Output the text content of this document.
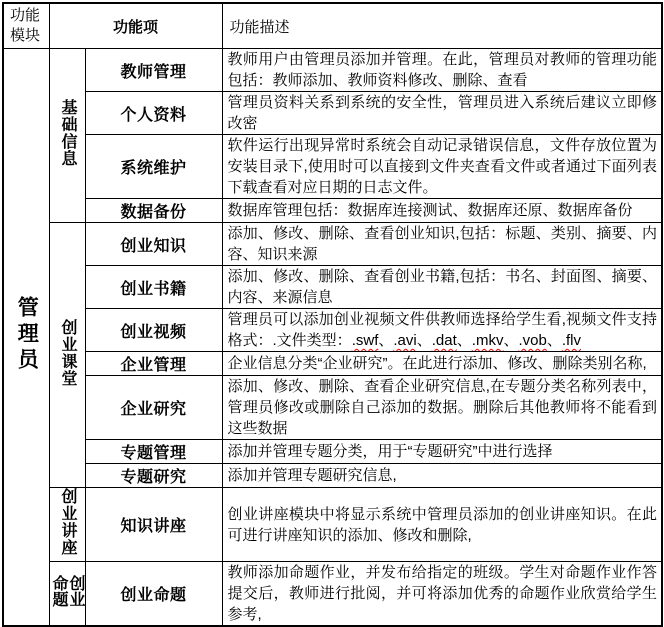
功能模块	功能项		功能描述
管理员	基础信息	教师管理	教师用户由管理员添加并管理。在此，管理员对教师的管理功能包括：教师添加、教师资料修改、删除、查看
		个人资料	管理员资料关系到系统的安全性，管理员进入系统后建议立即修改密
		系统维护	软件运行出现异常时系统会自动记录错误信息，文件存放位置为安装目录下,使用时可以直接到文件夹查看文件或者通过下面列表下载查看对应日期的日志文件。
		数据备份	数据库管理包括：数据库连接测试、数据库还原、数据库备份
	创业课堂	创业知识	添加、修改、删除、查看创业知识,包括：标题、类别、摘要、内容、知识来源
		创业书籍	添加、修改、删除、查看创业书籍,包括：书名、封面图、摘要、内容、来源信息
		创业视频	管理员可以添加创业视频文件供教师选择给学生看,视频文件支持格式：.文件类型：.swf、.avi、.dat、.mkv、.vob、.flv
		企业管理	企业信息分类“企业研究”。在此进行添加、修改、删除类别名称,
		企业研究	添加、修改、删除、查看企业研究信息,在专题分类名称列表中，管理员修改或删除自己添加的数据。删除后其他教师将不能看到这些数据
		专题管理	添加并管理专题分类，用于“专题研究”中进行选择
		专题研究	添加并管理专题研究信息,
	创业讲座	知识讲座	创业讲座模块中将显示系统中管理员添加的创业讲座知识。在此可进行讲座知识的添加、修改和删除,
	创业命题	创业命题	教师添加命题作业，并发布给指定的班级。学生对命题作业作答提交后，教师进行批阅，并可将添加优秀的命题作业欣赏给学生参考,
